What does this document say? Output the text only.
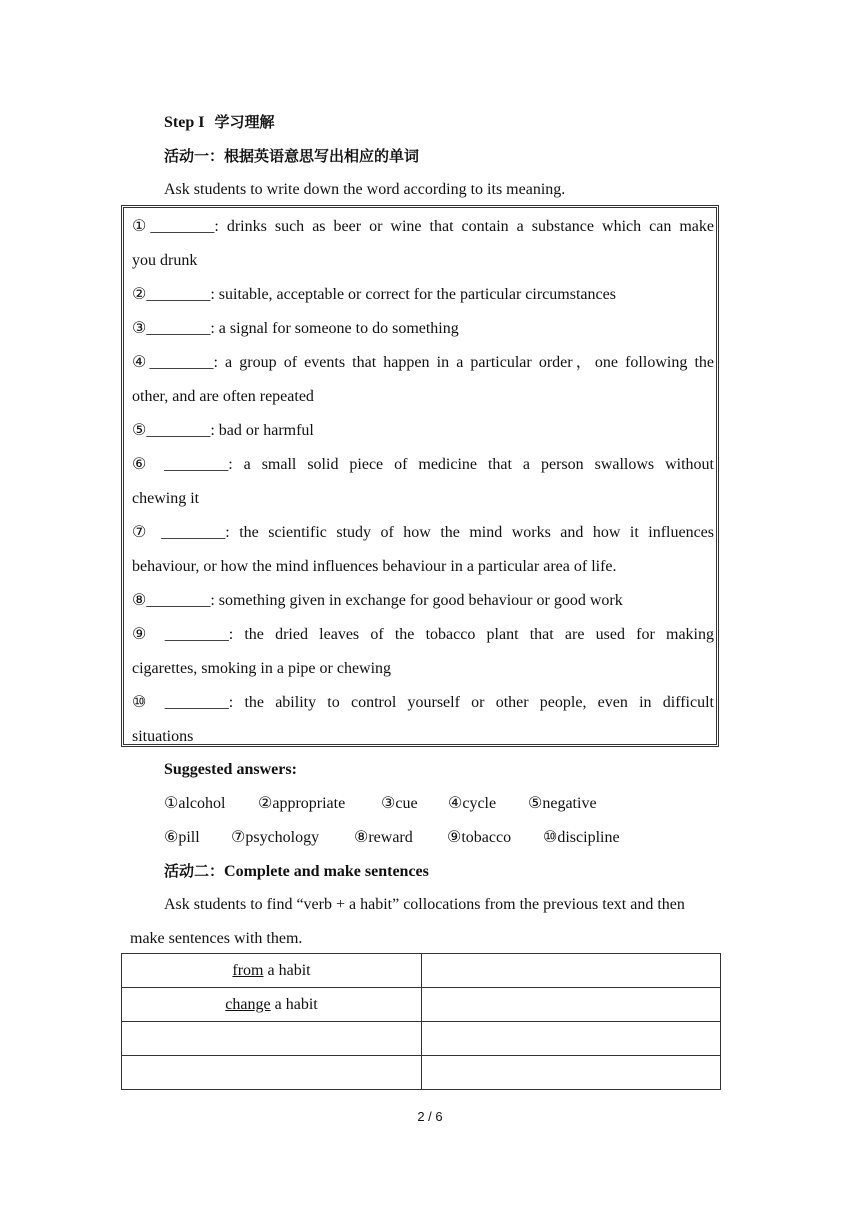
Step I 学习理解
活动一：根据英语意思写出相应的单词
Ask students to write down the word according to its meaning.
①________: drinks such as beer or wine that contain a substance which can make
you drunk
②________: suitable, acceptable or correct for the particular circumstances
③________: a signal for someone to do something
④________: a group of events that happen in a particular order，one following the
other, and are often repeated
⑤________: bad or harmful
⑥ ________: a small solid piece of medicine that a person swallows without
chewing it
⑦ ________: the scientific study of how the mind works and how it influences
behaviour, or how the mind influences behaviour in a particular area of life.
⑧________: something given in exchange for good behaviour or good work
⑨ ________: the dried leaves of the tobacco plant that are used for making
cigarettes, smoking in a pipe or chewing
⑩ ________: the ability to control yourself or other people, even in difficult
situations
Suggested answers:
①alcohol ②appropriate ③cue ④cycle ⑤negative
⑥pill ⑦psychology ⑧reward ⑨tobacco ⑩discipline
活动二：Complete and make sentences
Ask students to find “verb + a habit” collocations from the previous text and then
make sentences with them.
from a habit	
change a habit	

2 / 6
